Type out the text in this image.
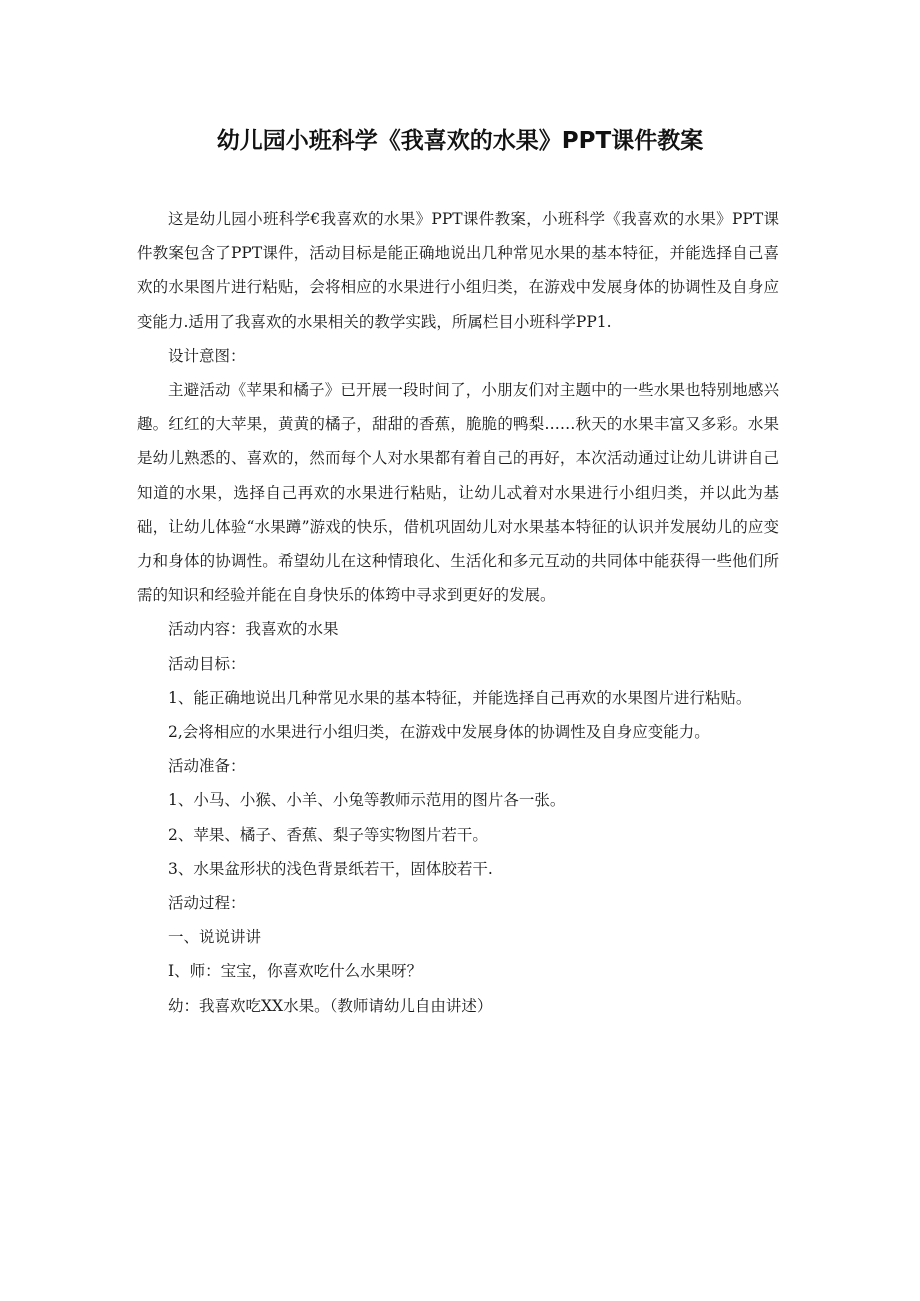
幼儿园小班科学《我喜欢的水果》PPT课件教案

这是幼儿园小班科学€我喜欢的水果》PPT课件教案，小班科学《我喜欢的水果》PPT课件教案包含了PPT课件，活动目标是能正确地说出几种常见水果的基本特征，并能选择自己喜欢的水果图片进行粘贴，会将相应的水果进行小组归类，在游戏中发展身体的协调性及自身应变能力.适用了我喜欢的水果相关的教学实践，所属栏目小班科学PP1.

设计意图：

主避活动《苹果和橘子》已开展一段时间了，小朋友们对主题中的一些水果也特别地感兴趣。红红的大苹果，黄黄的橘子，甜甜的香蕉，脆脆的鸭梨……秋天的水果丰富又多彩。水果是幼儿熟悉的、喜欢的，然而每个人对水果都有着自己的再好，本次活动通过让幼儿讲讲自己知道的水果，选择自己再欢的水果进行粘贴，让幼儿忒着对水果进行小组归类，并以此为基础，让幼儿体验“水果蹲”游戏的快乐，借机巩固幼儿对水果基本特征的认识并发展幼儿的应变力和身体的协调性。希望幼儿在这种情琅化、生活化和多元互动的共同体中能获得一些他们所需的知识和经验并能在自身快乐的体筠中寻求到更好的发展。

活动内容：我喜欢的水果

活动目标：

1、能正确地说出几种常见水果的基本特征，并能选择自己再欢的水果图片进行粘贴。

2,会将相应的水果进行小组归类，在游戏中发展身体的协调性及自身应变能力。

活动准备：

1、小马、小猴、小羊、小兔等教师示范用的图片各一张。

2、苹果、橘子、香蕉、梨子等实物图片若干。

3、水果盆形状的浅色背景纸若干，固体胶若干.

活动过程：

一、说说讲讲

I、师：宝宝，你喜欢吃什么水果呀？

幼：我喜欢吃XX水果。（教师请幼儿自由讲述）
